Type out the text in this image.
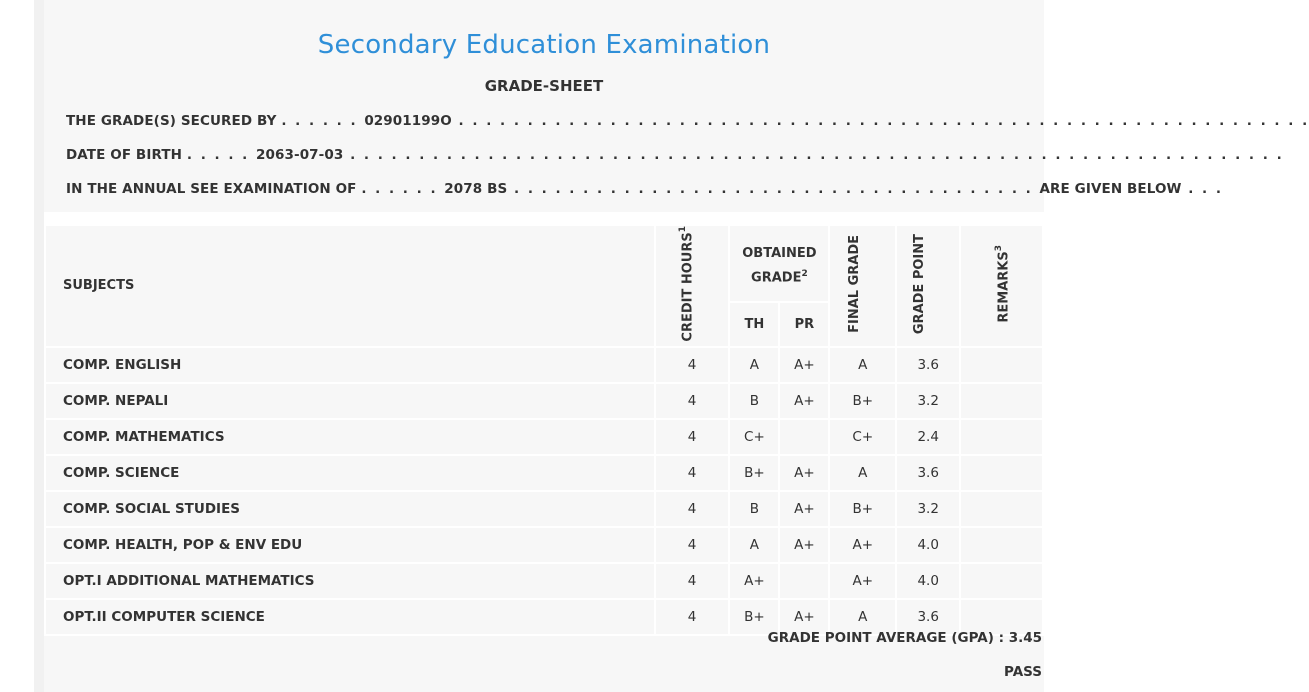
Secondary Education Examination
GRADE-SHEET
THE GRADE(S) SECURED BY . . . . . . 02901199O . . . . . . . . . . . . . . . . . . . . . . . . . . . . . . . . . . . . . . . . . . . . . . . . . . . . . . . . . . . . . .
DATE OF BIRTH . . . . . 2063-07-03 . . . . . . . . . . . . . . . . . . . . . . . . . . . . . . . . . . . . . . . . . . . . . . . . . . . . . . . . . . . . . . . . . . . .
IN THE ANNUAL SEE EXAMINATION OF . . . . . . 2078 BS . . . . . . . . . . . . . . . . . . . . . . . . . . . . . . . . . . . . . . ARE GIVEN BELOW . . .
SUBJECTS	CREDIT HOURS$^1$	OBTAINED GRADE$^2$		FINAL GRADE	GRADE POINT	REMARKS$^3$
		TH	PR			
COMP. ENGLISH	4	A	A+	A	3.6	
COMP. NEPALI	4	B	A+	B+	3.2	
COMP. MATHEMATICS	4	C+		C+	2.4	
COMP. SCIENCE	4	B+	A+	A	3.6	
COMP. SOCIAL STUDIES	4	B	A+	B+	3.2	
COMP. HEALTH, POP & ENV EDU	4	A	A+	A+	4.0	
OPT.I ADDITIONAL MATHEMATICS	4	A+		A+	4.0	
OPT.II COMPUTER SCIENCE	4	B+	A+	A	3.6	
GRADE POINT AVERAGE (GPA) : 3.45
PASS
